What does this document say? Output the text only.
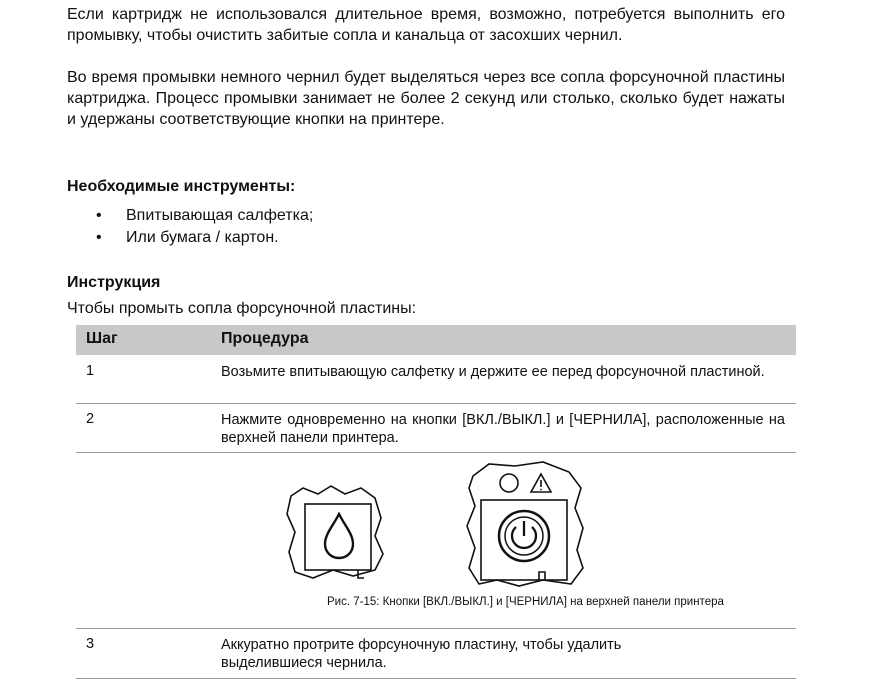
Если картридж не использовался длительное время, возможно, потребуется выполнить его промывку, чтобы очистить забитые сопла и канальца от засохших чернил.

Во время промывки немного чернил будет выделяться через все сопла форсуночной пластины картриджа. Процесс промывки занимает не более 2 секунд или столько, сколько будет нажаты и удержаны соответствующие кнопки на принтере.

Необходимые инструменты:
• Впитывающая салфетка;
• Или бумага / картон.
Инструкция

Чтобы промыть сопла форсуночной пластины:

Шаг	Процедура
1	Возьмите впитывающую салфетку и держите ее перед форсуночной пластиной.
2	Нажмите одновременно на кнопки [ВКЛ./ВЫКЛ.] и [ЧЕРНИЛА], расположенные на верхней панели принтера.
Рис. 7-15: Кнопки [ВКЛ./ВЫКЛ.] и [ЧЕРНИЛА] на верхней панели принтера
3	Аккуратно протрите форсуночную пластину, чтобы удалить выделившиеся чернила.
